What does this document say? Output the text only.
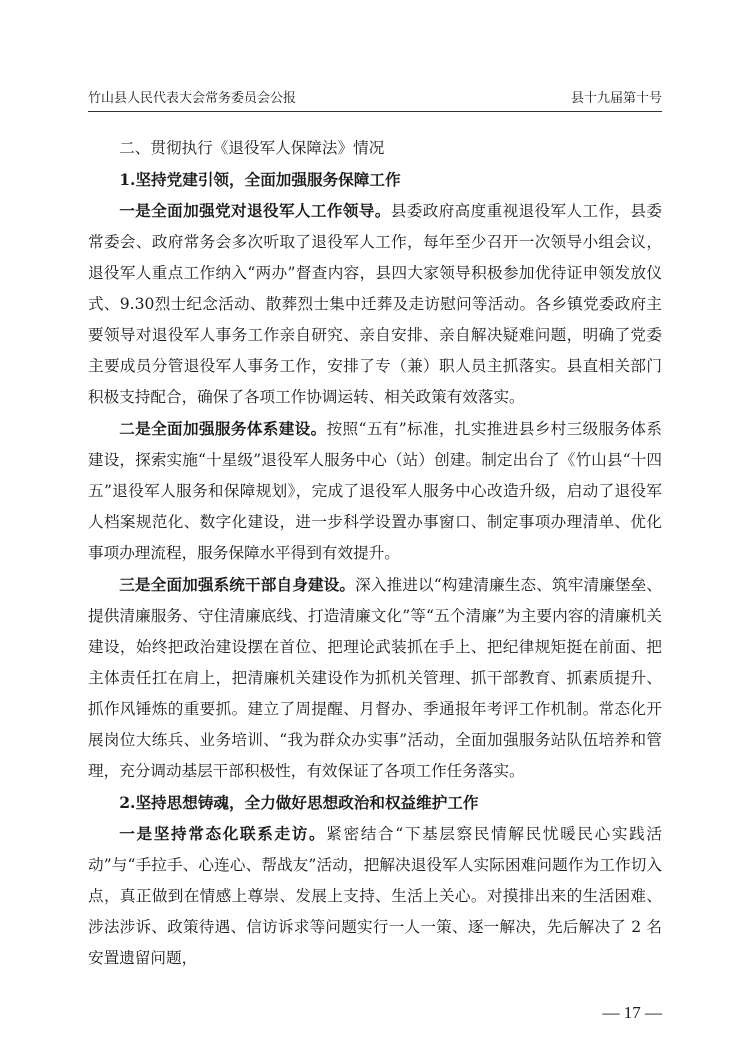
竹山县人民代表大会常务委员会公报	县十九届第十号

二、贯彻执行《退役军人保障法》情况

1.坚持党建引领，全面加强服务保障工作

一是全面加强党对退役军人工作领导。县委政府高度重视退役军人工作，县委常委会、政府常务会多次听取了退役军人工作，每年至少召开一次领导小组会议，退役军人重点工作纳入“两办”督查内容，县四大家领导积极参加优待证申领发放仪式、9.30烈士纪念活动、散葬烈士集中迁葬及走访慰问等活动。各乡镇党委政府主要领导对退役军人事务工作亲自研究、亲自安排、亲自解决疑难问题，明确了党委主要成员分管退役军人事务工作，安排了专（兼）职人员主抓落实。县直相关部门积极支持配合，确保了各项工作协调运转、相关政策有效落实。

二是全面加强服务体系建设。按照“五有”标准，扎实推进县乡村三级服务体系建设，探索实施“十星级”退役军人服务中心（站）创建。制定出台了《竹山县“十四五”退役军人服务和保障规划》，完成了退役军人服务中心改造升级，启动了退役军人档案规范化、数字化建设，进一步科学设置办事窗口、制定事项办理清单、优化事项办理流程，服务保障水平得到有效提升。

三是全面加强系统干部自身建设。深入推进以“构建清廉生态、筑牢清廉堡垒、提供清廉服务、守住清廉底线、打造清廉文化”等“五个清廉”为主要内容的清廉机关建设，始终把政治建设摆在首位、把理论武装抓在手上、把纪律规矩挺在前面、把主体责任扛在肩上，把清廉机关建设作为抓机关管理、抓干部教育、抓素质提升、抓作风锤炼的重要抓。建立了周提醒、月督办、季通报年考评工作机制。常态化开展岗位大练兵、业务培训、“我为群众办实事”活动，全面加强服务站队伍培养和管理，充分调动基层干部积极性，有效保证了各项工作任务落实。

2.坚持思想铸魂，全力做好思想政治和权益维护工作

一是坚持常态化联系走访。紧密结合“下基层察民情解民忧暖民心实践活动”与“手拉手、心连心、帮战友”活动，把解决退役军人实际困难问题作为工作切入点，真正做到在情感上尊崇、发展上支持、生活上关心。对摸排出来的生活困难、涉法涉诉、政策待遇、信访诉求等问题实行一人一策、逐一解决，先后解决了 2 名安置遗留问题，

— 17 —
